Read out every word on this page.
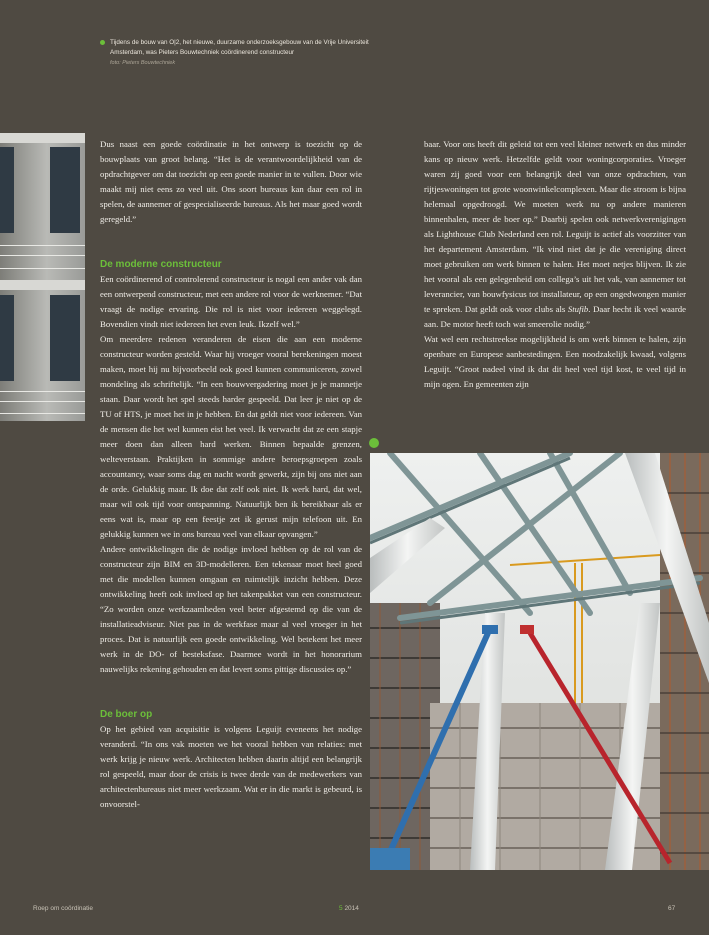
Tijdens de bouw van O|2, het nieuwe, duurzame onderzoeksgebouw van de Vrije Universiteit
Amsterdam, was Pieters Bouwtechniek coördinerend constructeur
foto: Pieters Bouwtechniek

Dus naast een goede coördinatie in het ontwerp is toezicht op de bouwplaats van groot belang. “Het is de verantwoordelijkheid van de opdrachtgever om dat toezicht op een goede manier in te vullen. Door wie maakt mij niet eens zo veel uit. Ons soort bureaus kan daar een rol in spelen, de aannemer of gespecialiseerde bureaus. Als het maar goed wordt geregeld.”

De moderne constructeur

Een coördinerend of controlerend constructeur is nogal een ander vak dan een ontwerpend constructeur, met een andere rol voor de werknemer. “Dat vraagt de nodige ervaring. Die rol is niet voor iedereen weggelegd. Bovendien vindt niet iedereen het even leuk. Ikzelf wel.”

Om meerdere redenen veranderen de eisen die aan een moderne constructeur worden gesteld. Waar hij vroeger vooral berekeningen moest maken, moet hij nu bijvoorbeeld ook goed kunnen communiceren, zowel mondeling als schriftelijk. “In een bouwvergadering moet je je mannetje staan. Daar wordt het spel steeds harder gespeeld. Dat leer je niet op de TU of HTS, je moet het in je hebben. En dat geldt niet voor iedereen. Van de mensen die het wel kunnen eist het veel. Ik verwacht dat ze een stapje meer doen dan alleen hard werken. Binnen bepaalde grenzen, welteverstaan. Praktijken in sommige andere beroepsgroepen zoals accountancy, waar soms dag en nacht wordt gewerkt, zijn bij ons niet aan de orde. Gelukkig maar. Ik doe dat zelf ook niet. Ik werk hard, dat wel, maar wil ook tijd voor ontspanning. Natuurlijk ben ik bereikbaar als er eens wat is, maar op een feestje zet ik gerust mijn telefoon uit. En gelukkig kunnen we in ons bureau veel van elkaar opvangen.”

Andere ontwikkelingen die de nodige invloed hebben op de rol van de constructeur zijn BIM en 3D-modelleren. Een tekenaar moet heel goed met die modellen kunnen omgaan en ruimtelijk inzicht hebben. Deze ontwikkeling heeft ook invloed op het takenpakket van een constructeur. “Zo worden onze werkzaamheden veel beter afgestemd op die van de installatieadviseur. Niet pas in de werkfase maar al veel vroeger in het proces. Dat is natuurlijk een goede ontwikkeling. Wel betekent het meer werk in de DO- of besteksfase. Daarmee wordt in het honorarium nauwelijks rekening gehouden en dat levert soms pittige discussies op.”

De boer op

Op het gebied van acquisitie is volgens Leguijt eveneens het nodige veranderd. “In ons vak moeten we het vooral hebben van relaties: met werk krijg je nieuw werk. Architecten hebben daarin altijd een belangrijk rol gespeeld, maar door de crisis is twee derde van de medewerkers van architectenbureaus niet meer werkzaam. Wat er in die markt is gebeurd, is onvoorstel-

baar. Voor ons heeft dit geleid tot een veel kleiner netwerk en dus minder kans op nieuw werk. Hetzelfde geldt voor woningcorporaties. Vroeger waren zij goed voor een belangrijk deel van onze opdrachten, van rijtjeswoningen tot grote woonwinkelcomplexen. Maar die stroom is bijna helemaal opgedroogd. We moeten werk nu op andere manieren binnenhalen, meer de boer op.” Daarbij spelen ook netwerkverenigingen als Lighthouse Club Nederland een rol. Leguijt is actief als voorzitter van het departement Amsterdam. “Ik vind niet dat je die vereniging direct moet gebruiken om werk binnen te halen. Het moet netjes blijven. Ik zie het vooral als een gelegenheid om collega’s uit het vak, van aannemer tot leverancier, van bouwfysicus tot installateur, op een ongedwongen manier te spreken. Dat geldt ook voor clubs als Stufib. Daar hecht ik veel waarde aan. De motor heeft toch wat smeerolie nodig.”

Wat wel een rechtstreekse mogelijkheid is om werk binnen te halen, zijn openbare en Europese aanbestedingen. Een noodzakelijk kwaad, volgens Leguijt. “Groot nadeel vind ik dat dit heel veel tijd kost, te veel tijd in mijn ogen. En gemeenten zijn

Roep om coördinatie	5 2014	67
